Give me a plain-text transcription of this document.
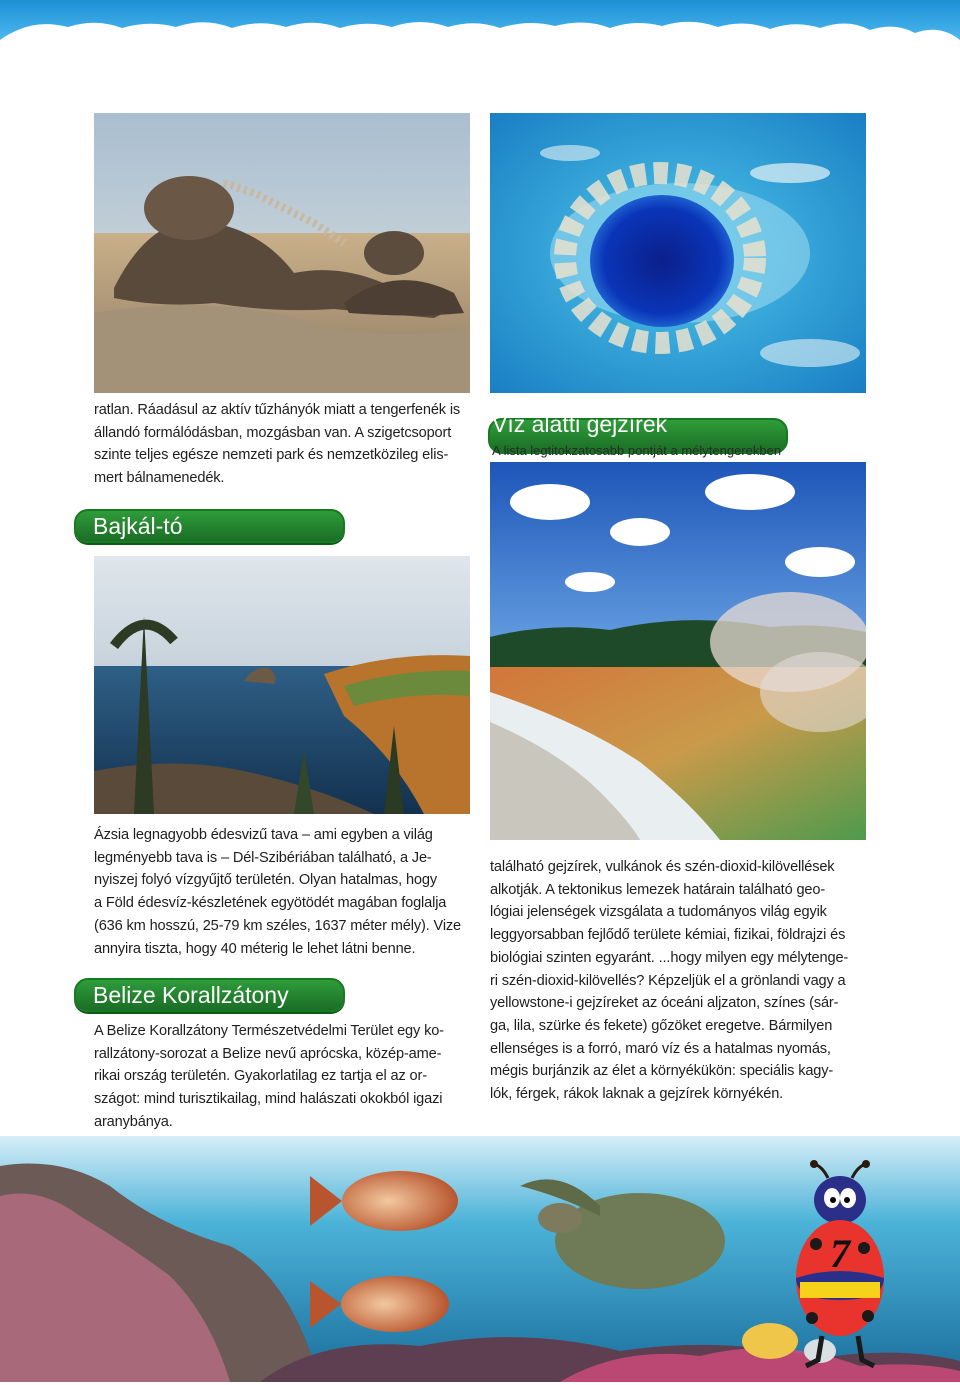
ratlan. Ráadásul az aktív tűzhányók miatt a tengerfenék is

állandó formálódásban, mozgásban van. A szigetcsoport

szinte teljes egésze nemzeti park és nemzetközileg elis-

mert bálnamenedék.

Víz alatti gejzírek
A lista legtitokzatosabb pontját a mélytengerekben
Bajkál-tó

Ázsia legnagyobb édesvizű tava – ami egyben a világ

legményebb tava is – Dél-Szibériában található, a Je-

nyiszej folyó vízgyűjtő területén. Olyan hatalmas, hogy

a Föld édesvíz-készletének egyötödét magában foglalja

(636 km hosszú, 25-79 km széles, 1637 méter mély). Vize

annyira tiszta, hogy 40 méterig le lehet látni benne.

található gejzírek, vulkánok és szén-dioxid-kilövellések

alkotják. A tektonikus lemezek határain található geo-

lógiai jelenségek vizsgálata a tudományos világ egyik

leggyorsabban fejlődő területe kémiai, fizikai, földrajzi és

biológiai szinten egyaránt. ...hogy milyen egy mélytenge-

ri szén-dioxid-kilövellés? Képzeljük el a grönlandi vagy a

yellowstone-i gejzíreket az óceáni aljzaton, színes (sár-

ga, lila, szürke és fekete) gőzöket eregetve. Bármilyen

ellenséges is a forró, maró víz és a hatalmas nyomás,

mégis burjánzik az élet a környékükön: speciális kagy-

lók, férgek, rákok laknak a gejzírek környékén.

Belize Korallzátony

A Belize Korallzátony Természetvédelmi Terület egy ko-

rallzátony-sorozat a Belize nevű aprócska, közép-ame-

rikai ország területén. Gyakorlatilag ez tartja el az or-

szágot: mind turisztikailag, mind halászati okokból igazi

aranybánya.

7
